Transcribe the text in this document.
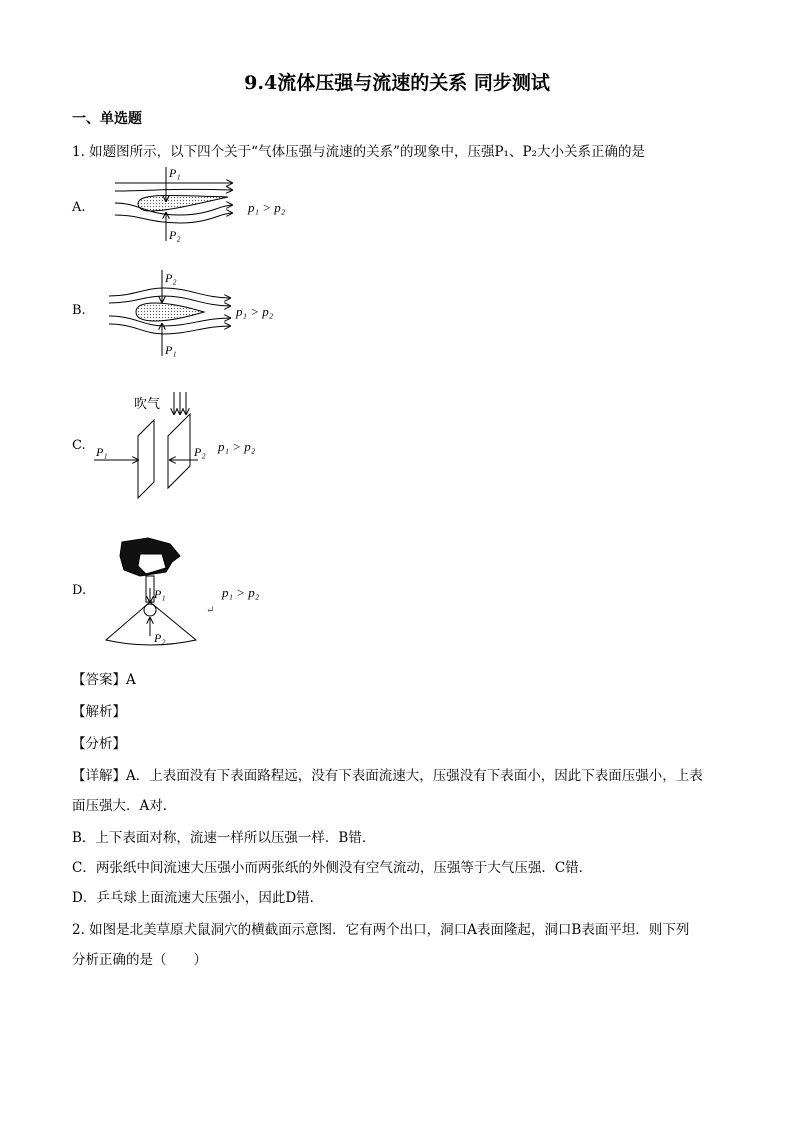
9.4流体压强与流速的关系 同步测试
一、单选题
1. 如题图所示，以下四个关于“气体压强与流速的关系”的现象中，压强P₁、P₂大小关系正确的是
A.
P₁
P₂
p₁ > p₂
B.
P₂
P₁
p₁ > p₂
C.
吹气
P₁	P₂ p₁ > p₂
D.	P₁
P₂
p₁ > p₂
↵
【答案】A
【解析】
【分析】
【详解】A．上表面没有下表面路程远，没有下表面流速大，压强没有下表面小，因此下表面压强小，上表
面压强大．A对．
B．上下表面对称，流速一样所以压强一样．B错．
C．两张纸中间流速大压强小而两张纸的外侧没有空气流动，压强等于大气压强．C错．
D．乒乓球上面流速大压强小，因此D错．
2. 如图是北美草原犬鼠洞穴的横截面示意图．它有两个出口，洞口A表面隆起，洞口B表面平坦．则下列
分析正确的是（　　）
